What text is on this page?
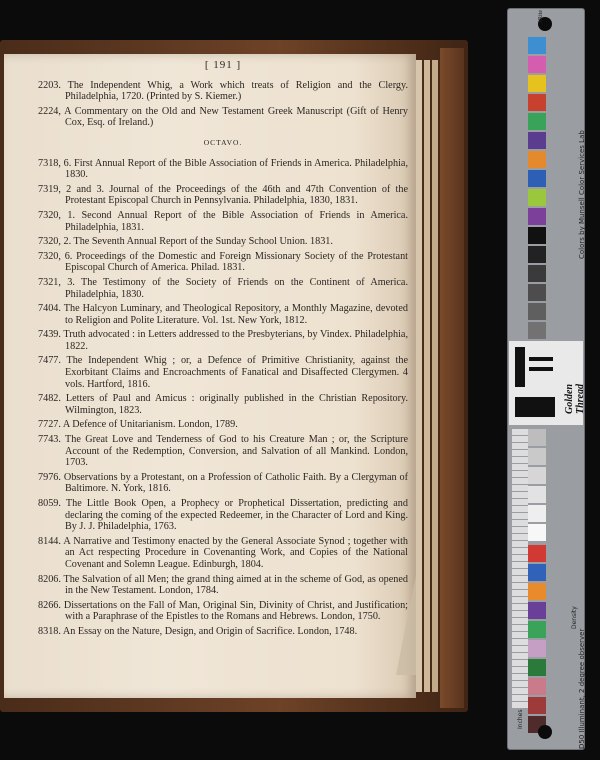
[ 191 ]
2203. The Independent Whig, a Work which treats of Religion and the Clergy. Philadelphia, 1720. (Printed by S. Kiemer.)
2224, A Commentary on the Old and New Testament Greek Manuscript (Gift of Henry Cox, Esq. of Ireland.)
OCTAVO.
7318, 6. First Annual Report of the Bible Association of Friends in America. Philadelphia, 1830.
7319, 2 and 3. Journal of the Proceedings of the 46th and 47th Convention of the Protestant Episcopal Church in Pennsylvania. Philadelphia, 1830, 1831.
7320, 1. Second Annual Report of the Bible Association of Friends in America. Philadelphia, 1831.
7320, 2. The Seventh Annual Report of the Sunday School Union. 1831.
7320, 6. Proceedings of the Domestic and Foreign Missionary Society of the Protestant Episcopal Church of America. Philad. 1831.
7321, 3. The Testimony of the Society of Friends on the Continent of America. Philadelphia, 1830.
7404. The Halcyon Luminary, and Theological Repository, a Monthly Magazine, devoted to Religion and Polite Literature. Vol. 1st. New York, 1812.
7439. Truth advocated : in Letters addressed to the Presbyterians, by Vindex. Philadelphia, 1822.
7477. The Independent Whig ; or, a Defence of Primitive Christianity, against the Exorbitant Claims and Encroachments of Fanatical and Disaffected Clergymen. 4 vols. Hartford, 1816.
7482. Letters of Paul and Amicus : originally published in the Christian Repository. Wilmington, 1823.
7727. A Defence of Unitarianism. London, 1789.
7743. The Great Love and Tenderness of God to his Creature Man ; or, the Scripture Account of the Redemption, Conversion, and Salvation of all Mankind. London, 1703.
7976. Observations by a Protestant, on a Profession of Catholic Faith. By a Clergyman of Baltimore. N. York, 1816.
8059. The Little Book Open, a Prophecy or Prophetical Dissertation, predicting and declaring the coming of the expected Redeemer, in the Character of Lord and King. By J. J. Philadelphia, 1763.
8144. A Narrative and Testimony enacted by the General Associate Synod ; together with an Act respecting Procedure in Covenanting Work, and Copies of the National Covenant and Solemn League. Edinburgh, 1804.
8206. The Salvation of all Men; the grand thing aimed at in the scheme of God, as opened in the New Testament. London, 1784.
8266. Dissertations on the Fall of Man, Original Sin, Divinity of Christ, and Justification; with a Paraphrase of the Epistles to the Romans and Hebrews. London, 1750.
8318. An Essay on the Nature, Design, and Origin of Sacrifice. London, 1748.
xRite
Golden Thread
Colors by Munsell Color Services Lab
D50 Illuminant, 2 degree observer
Density
Inches
